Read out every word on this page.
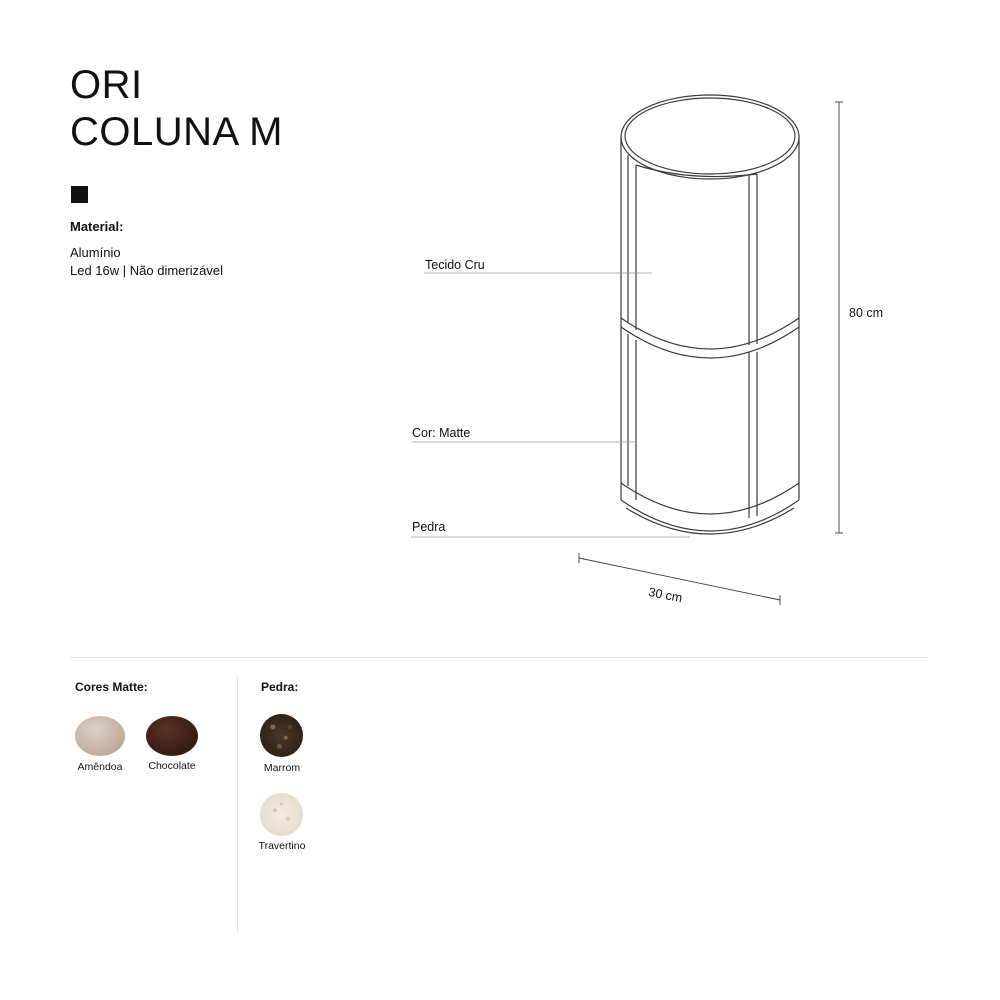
ORI
COLUNA M
Material:
Alumínio
Led 16w | Não dimerizável	Tecido Cru
Cor: Matte
Pedra
80 cm
30 cm
Cores Matte:
Amêndoa	Chocolate
Pedra:
Marrom
Travertino
